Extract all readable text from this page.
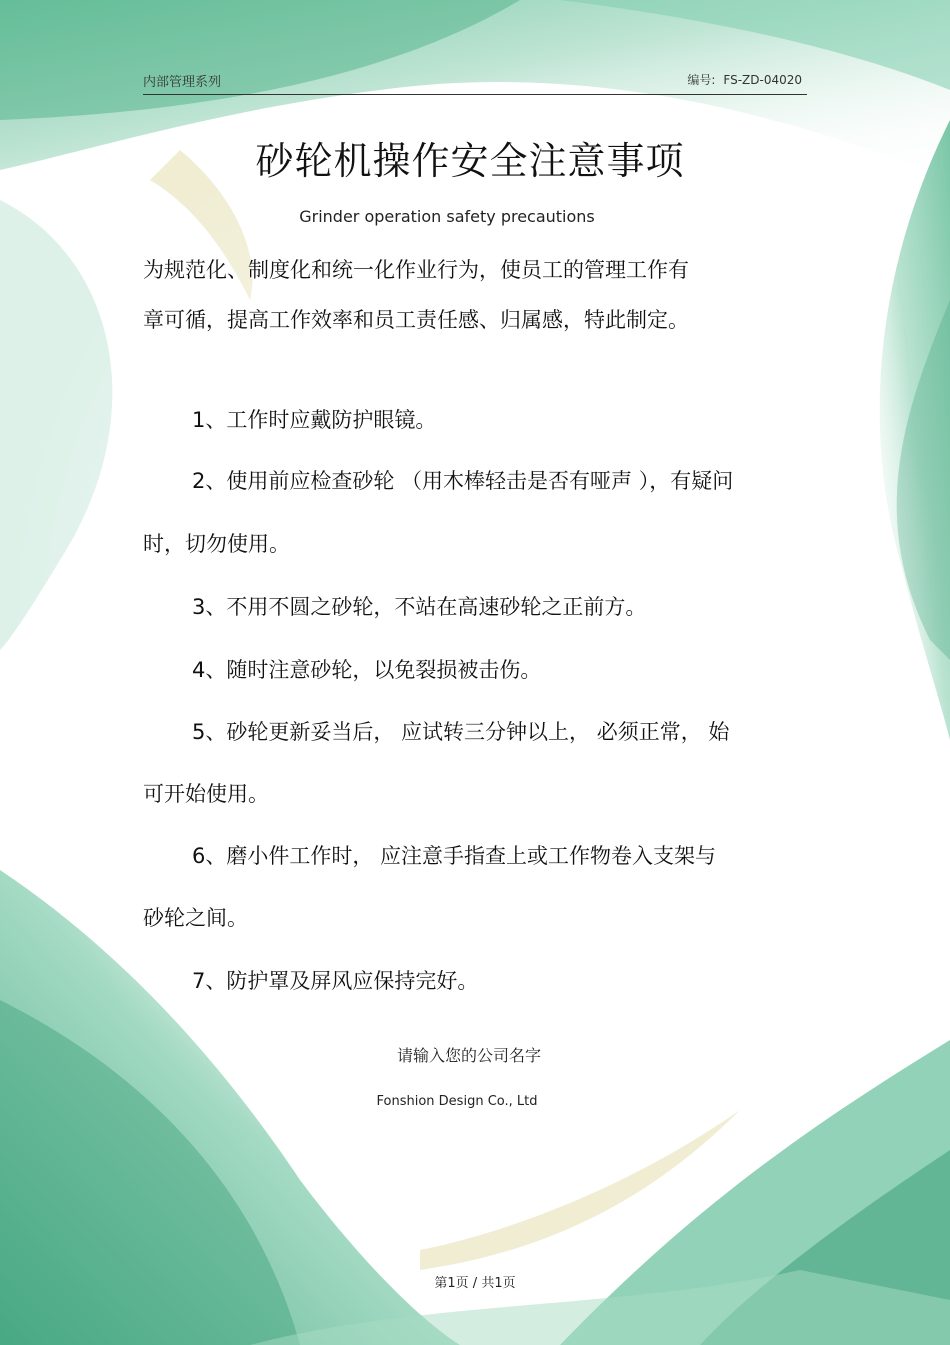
内部管理系列	编号: FS-ZD-04020
砂轮机操作安全注意事项
Grinder operation safety precautions
为规范化、制度化和统一化作业行为，使员工的管理工作有
章可循，提高工作效率和员工责任感、归属感，特此制定。
1、工作时应戴防护眼镜。
2、使用前应检查砂轮 （用木棒轻击是否有哑声 ），有疑问
时，切勿使用。
3、不用不圆之砂轮，不站在高速砂轮之正前方。
4、随时注意砂轮，以免裂损被击伤。
5、砂轮更新妥当后， 应试转三分钟以上， 必须正常， 始
可开始使用。
6、磨小件工作时， 应注意手指查上或工作物卷入支架与
砂轮之间。
7、防护罩及屏风应保持完好。
请输入您的公司名字
Fonshion Design Co., Ltd
第1页 / 共1页
